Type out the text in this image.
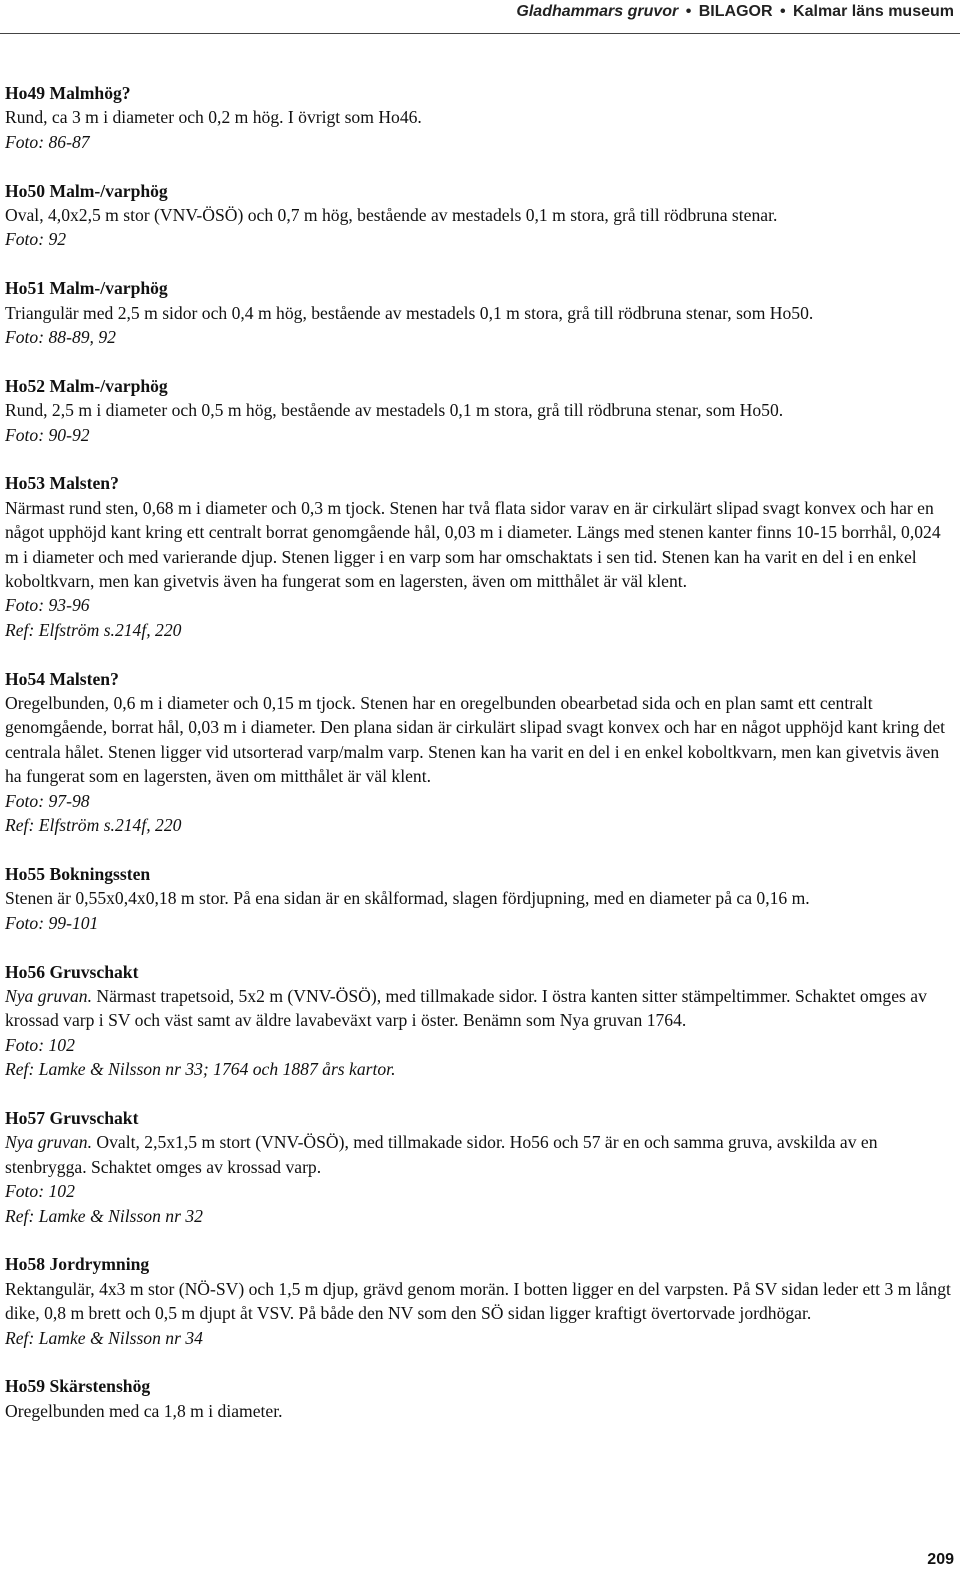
Gladhammars gruvor • BILAGOR • Kalmar läns museum
Ho49 Malmhög?

Rund, ca 3 m i diameter och 0,2 m hög. I övrigt som Ho46.

Foto: 86-87

Ho50 Malm-/varphög

Oval, 4,0x2,5 m stor (VNV-ÖSÖ) och 0,7 m hög, bestående av mestadels 0,1 m stora, grå till rödbruna stenar.

Foto: 92

Ho51 Malm-/varphög

Triangulär med 2,5 m sidor och 0,4 m hög, bestående av mestadels 0,1 m stora, grå till rödbruna stenar, som Ho50.

Foto: 88-89, 92

Ho52 Malm-/varphög

Rund, 2,5 m i diameter och 0,5 m hög, bestående av mestadels 0,1 m stora, grå till rödbruna stenar, som Ho50.

Foto: 90-92

Ho53 Malsten?

Närmast rund sten, 0,68 m i diameter och 0,3 m tjock. Stenen har två flata sidor varav en är cirkulärt slipad svagt konvex och har en något upphöjd kant kring ett centralt borrat genomgående hål, 0,03 m i diameter. Längs med stenen kanter finns 10-15 borrhål, 0,024 m i diameter och med varierande djup. Stenen ligger i en varp som har omschaktats i sen tid. Stenen kan ha varit en del i en enkel koboltkvarn, men kan givetvis även ha fungerat som en lagersten, även om mitthålet är väl klent.

Foto: 93-96

Ref: Elfström s.214f, 220

Ho54 Malsten?

Oregelbunden, 0,6 m i diameter och 0,15 m tjock. Stenen har en oregelbunden obearbetad sida och en plan samt ett centralt genomgående, borrat hål, 0,03 m i diameter. Den plana sidan är cirkulärt slipad svagt konvex och har en något upphöjd kant kring det centrala hålet. Stenen ligger vid utsorterad varp/malm varp. Stenen kan ha varit en del i en enkel koboltkvarn, men kan givetvis även ha fungerat som en lagersten, även om mitthålet är väl klent.

Foto: 97-98

Ref: Elfström s.214f, 220

Ho55 Bokningssten

Stenen är 0,55x0,4x0,18 m stor. På ena sidan är en skålformad, slagen fördjupning, med en diameter på ca 0,16 m.

Foto: 99-101

Ho56 Gruvschakt

Nya gruvan. Närmast trapetsoid, 5x2 m (VNV-ÖSÖ), med tillmakade sidor. I östra kanten sitter stämpeltimmer. Schaktet omges av krossad varp i SV och väst samt av äldre lavabeväxt varp i öster. Benämn som Nya gruvan 1764.

Foto: 102

Ref: Lamke & Nilsson nr 33; 1764 och 1887 års kartor.

Ho57 Gruvschakt

Nya gruvan. Ovalt, 2,5x1,5 m stort (VNV-ÖSÖ), med tillmakade sidor. Ho56 och 57 är en och samma gruva, avskilda av en stenbrygga. Schaktet omges av krossad varp.

Foto: 102

Ref: Lamke & Nilsson nr 32

Ho58 Jordrymning

Rektangulär, 4x3 m stor (NÖ-SV) och 1,5 m djup, grävd genom morän. I botten ligger en del varpsten. På SV sidan leder ett 3 m långt dike, 0,8 m brett och 0,5 m djupt åt VSV. På både den NV som den SÖ sidan ligger kraftigt övertorvade jordhögar.

Ref: Lamke & Nilsson nr 34

Ho59 Skärstenshög

Oregelbunden med ca 1,8 m i diameter.

209
